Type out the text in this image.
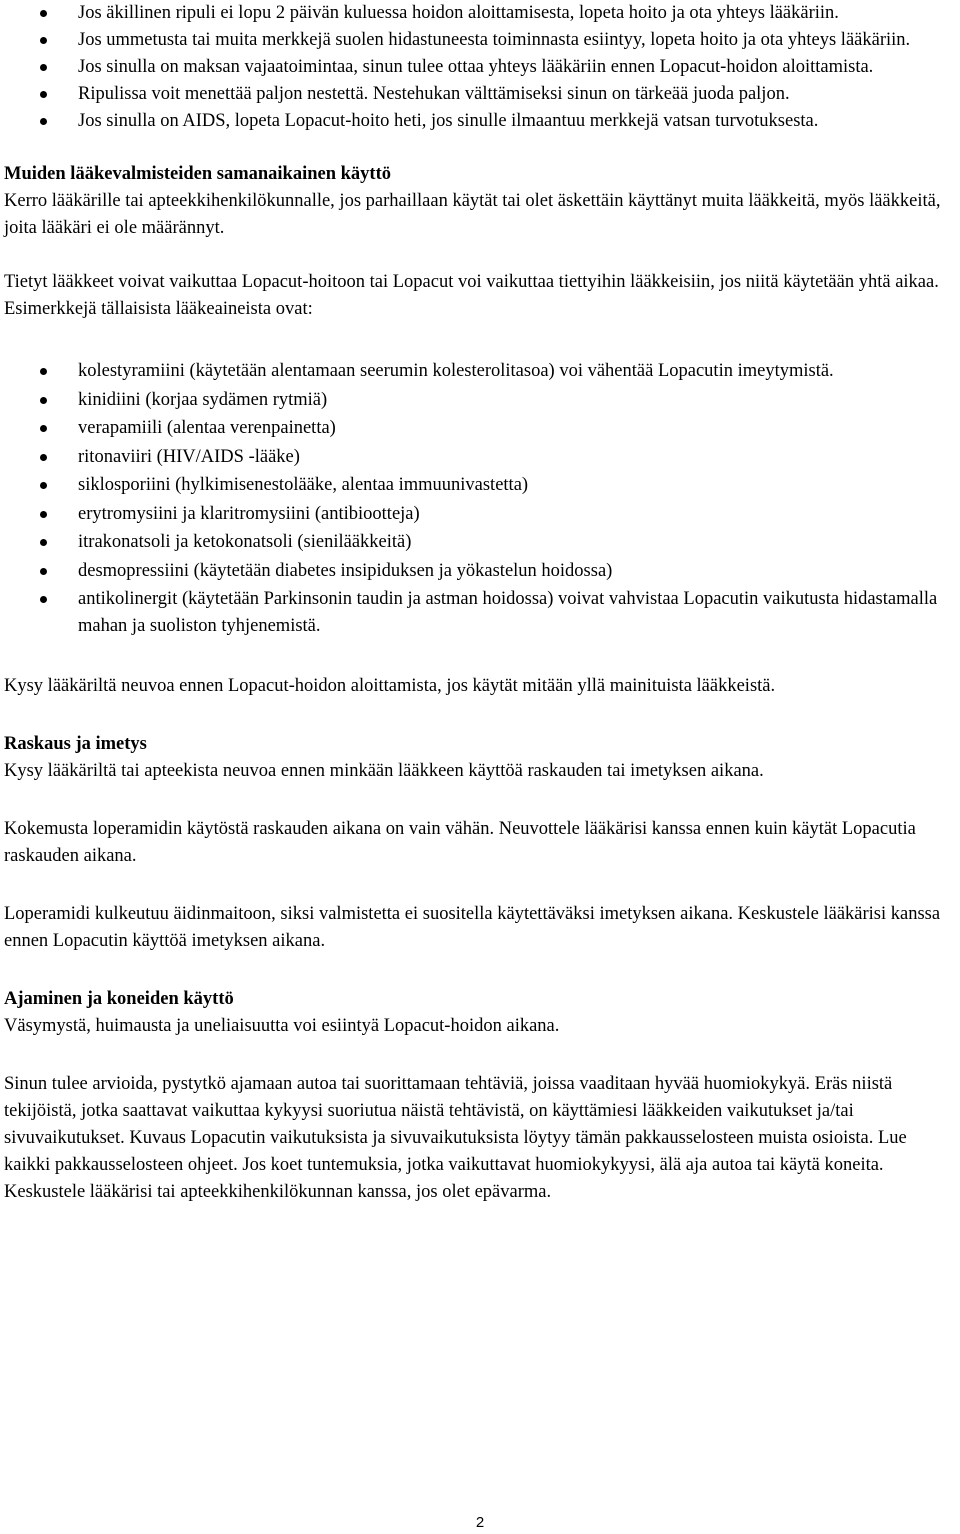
Jos äkillinen ripuli ei lopu 2 päivän kuluessa hoidon aloittamisesta, lopeta hoito ja ota yhteys lääkäriin.
Jos ummetusta tai muita merkkejä suolen hidastuneesta toiminnasta esiintyy, lopeta hoito ja ota yhteys lääkäriin.
Jos sinulla on maksan vajaatoimintaa, sinun tulee ottaa yhteys lääkäriin ennen Lopacut-hoidon aloittamista.
Ripulissa voit menettää paljon nestettä. Nestehukan välttämiseksi sinun on tärkeää juoda paljon.
Jos sinulla on AIDS, lopeta Lopacut-hoito heti, jos sinulle ilmaantuu merkkejä vatsan turvotuksesta.

Muiden lääkevalmisteiden samanaikainen käyttö

Kerro lääkärille tai apteekkihenkilökunnalle, jos parhaillaan käytät tai olet äskettäin käyttänyt muita lääkkeitä, myös lääkkeitä, joita lääkäri ei ole määrännyt.

Tietyt lääkkeet voivat vaikuttaa Lopacut-hoitoon tai Lopacut voi vaikuttaa tiettyihin lääkkeisiin, jos niitä käytetään yhtä aikaa. Esimerkkejä tällaisista lääkeaineista ovat:

kolestyramiini (käytetään alentamaan seerumin kolesterolitasoa) voi vähentää Lopacutin imeytymistä.
kinidiini (korjaa sydämen rytmiä)
verapamiili (alentaa verenpainetta)
ritonaviiri (HIV/AIDS -lääke)
siklosporiini (hylkimisenestolääke, alentaa immuunivastetta)
erytromysiini ja klaritromysiini (antibiootteja)
itrakonatsoli ja ketokonatsoli (sienilääkkeitä)
desmopressiini (käytetään diabetes insipiduksen ja yökastelun hoidossa)
antikolinergit (käytetään Parkinsonin taudin ja astman hoidossa) voivat vahvistaa Lopacutin vaikutusta hidastamalla mahan ja suoliston tyhjenemistä.

Kysy lääkäriltä neuvoa ennen Lopacut-hoidon aloittamista, jos käytät mitään yllä mainituista lääkkeistä.

Raskaus ja imetys

Kysy lääkäriltä tai apteekista neuvoa ennen minkään lääkkeen käyttöä raskauden tai imetyksen aikana.

Kokemusta loperamidin käytöstä raskauden aikana on vain vähän. Neuvottele lääkärisi kanssa ennen kuin käytät Lopacutia raskauden aikana.

Loperamidi kulkeutuu äidinmaitoon, siksi valmistetta ei suositella käytettäväksi imetyksen aikana. Keskustele lääkärisi kanssa ennen Lopacutin käyttöä imetyksen aikana.

Ajaminen ja koneiden käyttö

Väsymystä, huimausta ja uneliaisuutta voi esiintyä Lopacut-hoidon aikana.

Sinun tulee arvioida, pystytkö ajamaan autoa tai suorittamaan tehtäviä, joissa vaaditaan hyvää huomiokykyä. Eräs niistä tekijöistä, jotka saattavat vaikuttaa kykyysi suoriutua näistä tehtävistä, on käyttämiesi lääkkeiden vaikutukset ja/tai sivuvaikutukset. Kuvaus Lopacutin vaikutuksista ja sivuvaikutuksista löytyy tämän pakkausselosteen muista osioista. Lue kaikki pakkausselosteen ohjeet. Jos koet tuntemuksia, jotka vaikuttavat huomiokykyysi, älä aja autoa tai käytä koneita. Keskustele lääkärisi tai apteekkihenkilökunnan kanssa, jos olet epävarma.

2
